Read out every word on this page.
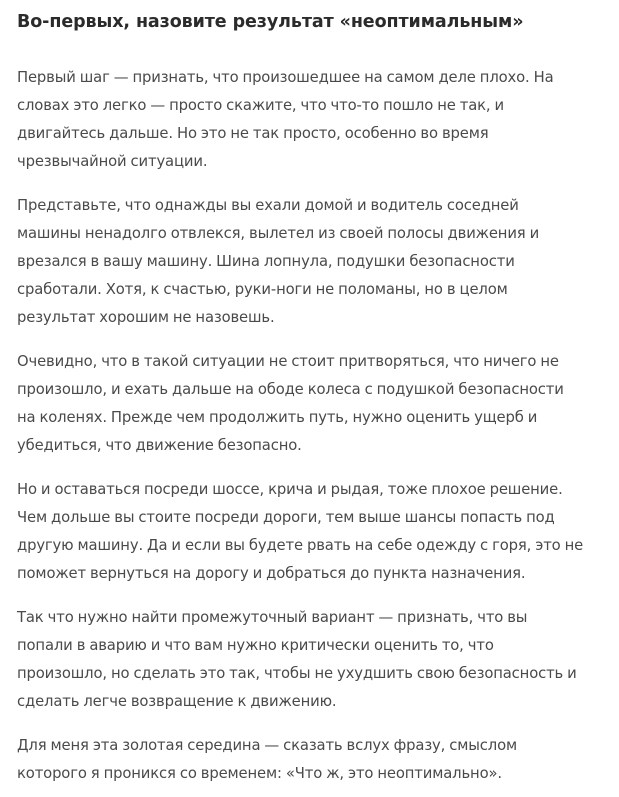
Во-первых, назовите результат «неоптимальным»

Первый шаг — признать, что произошедшее на самом деле плохо. На
словах это легко — просто скажите, что что-то пошло не так, и
двигайтесь дальше. Но это не так просто, особенно во время
чрезвычайной ситуации.

Представьте, что однажды вы ехали домой и водитель соседней
машины ненадолго отвлекся, вылетел из своей полосы движения и
врезался в вашу машину. Шина лопнула, подушки безопасности
сработали. Хотя, к счастью, руки-ноги не поломаны, но в целом
результат хорошим не назовешь.

Очевидно, что в такой ситуации не стоит притворяться, что ничего не
произошло, и ехать дальше на ободе колеса с подушкой безопасности
на коленях. Прежде чем продолжить путь, нужно оценить ущерб и
убедиться, что движение безопасно.

Но и оставаться посреди шоссе, крича и рыдая, тоже плохое решение.
Чем дольше вы стоите посреди дороги, тем выше шансы попасть под
другую машину. Да и если вы будете рвать на себе одежду с горя, это не
поможет вернуться на дорогу и добраться до пункта назначения.

Так что нужно найти промежуточный вариант — признать, что вы
попали в аварию и что вам нужно критически оценить то, что
произошло, но сделать это так, чтобы не ухудшить свою безопасность и
сделать легче возвращение к движению.

Для меня эта золотая середина — сказать вслух фразу, смыслом
которого я проникся со временем: «Что ж, это неоптимально».
